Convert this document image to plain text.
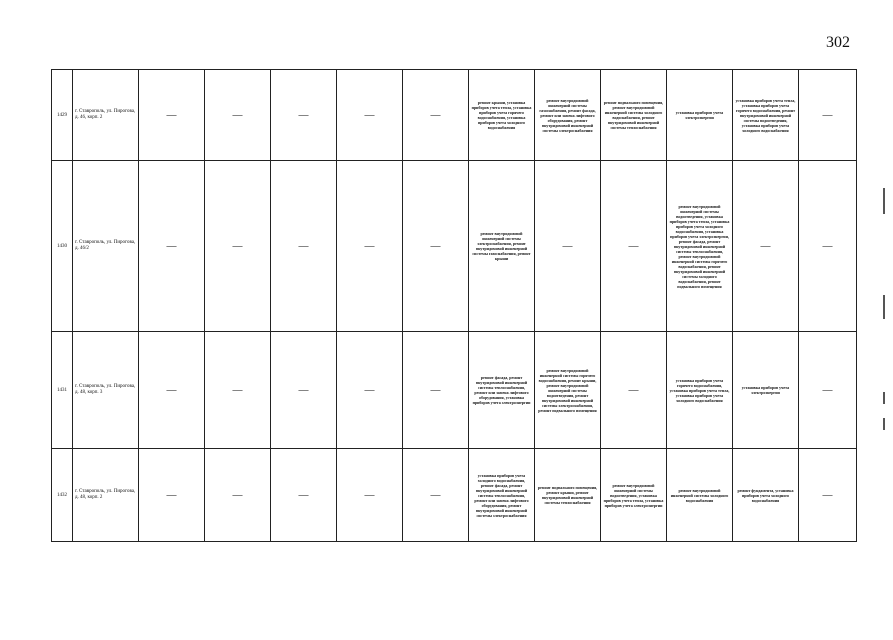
302
1429	г. Ставрополь, ул. Пирогова, д. 46, корп. 2	—	—	—	—	—	ремонт крыши, установка приборов учета тепла, установка приборов учета горячего водоснабжения, установка приборов учета холодного водоснабжения	ремонт внутридомовой инженерной системы газоснабжения, ремонт фасада, ремонт или замена лифтового оборудования, ремонт внутридомовой инженерной системы электроснабжения	ремонт подвального помещения, ремонт внутридомовой инженерной системы холодного водоснабжения, ремонт внутридомовой инженерной системы теплоснабжения	установка приборов учета электроэнергии	установка приборов учета тепла, установка приборов учета горячего водоснабжения, ремонт внутридомовой инженерной системы водоотведения, установка приборов учета холодного водоснабжения	—
1430	г. Ставрополь, ул. Пирогова, д. 46/2	—	—	—	—	—	ремонт внутридомовой инженерной системы электроснабжения, ремонт внутридомовой инженерной системы газоснабжения, ремонт крыши	—	—	ремонт внутридомовой инженерной системы водоотведения, установка приборов учета тепла, установка приборов учета холодного водоснабжения, установка приборов учета электроэнергии, ремонт фасада, ремонт внутридомовой инженерной системы теплоснабжения, ремонт внутридомовой инженерной системы горячего водоснабжения, ремонт внутридомовой инженерной системы холодного водоснабжения, ремонт подвального помещения	—	—
1431	г. Ставрополь, ул. Пирогова, д. 48, корп. 3	—	—	—	—	—	ремонт фасада, ремонт внутридомовой инженерной системы теплоснабжения, ремонт или замена лифтового оборудования, установка приборов учета электроэнергии	ремонт внутридомовой инженерной системы горячего водоснабжения, ремонт крыши, ремонт внутридомовой инженерной системы водоотведения, ремонт внутридомовой инженерной системы электроснабжения, ремонт подвального помещения	—	установка приборов учета горячего водоснабжения, установка приборов учета тепла, установка приборов учета холодного водоснабжения	установка приборов учета электроэнергии	—
1432	г. Ставрополь, ул. Пирогова, д. 48, корп. 2	—	—	—	—	—	установка приборов учета холодного водоснабжения, ремонт фасада, ремонт внутридомовой инженерной системы теплоснабжения, ремонт или замена лифтового оборудования, ремонт внутридомовой инженерной системы электроснабжения	ремонт подвального помещения, ремонт крыши, ремонт внутридомовой инженерной системы теплоснабжения	ремонт внутридомовой инженерной системы водоотведения, установка приборов учета тепла, установка приборов учета электроэнергии	ремонт внутридомовой инженерной системы холодного водоснабжения	ремонт фундамента, установка приборов учета холодного водоснабжения	—
